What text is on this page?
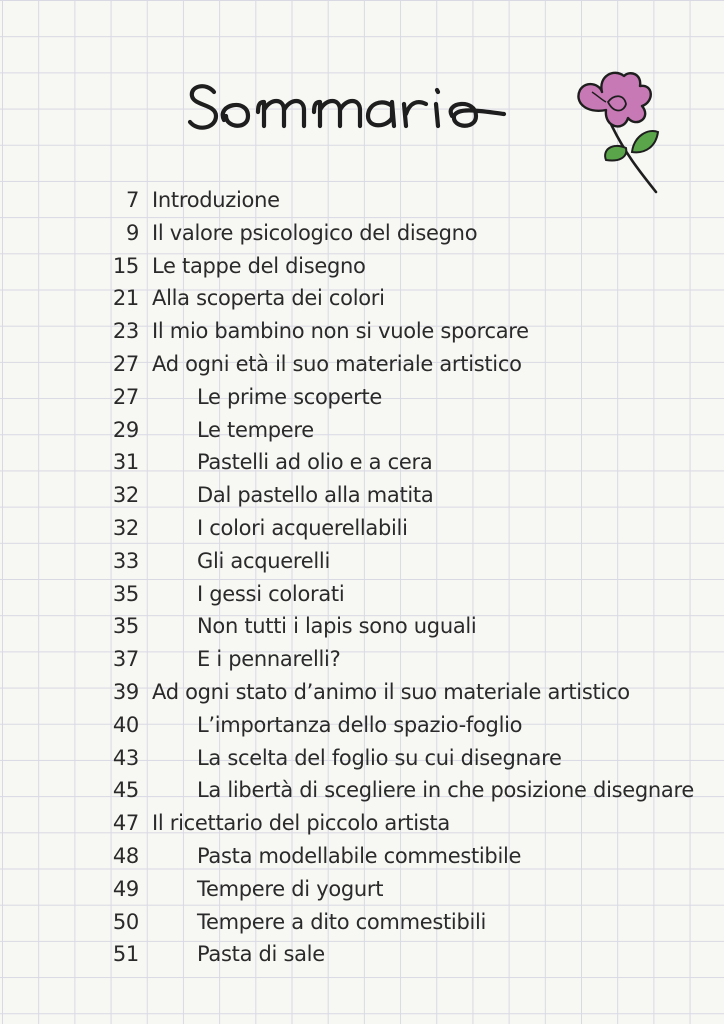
7 Introduzione
9 Il valore psicologico del disegno
15 Le tappe del disegno
21 Alla scoperta dei colori
23 Il mio bambino non si vuole sporcare
27 Ad ogni età il suo materiale artistico
27	Le prime scoperte
29	Le tempere
31	Pastelli ad olio e a cera
32	Dal pastello alla matita
32	I colori acquerellabili
33	Gli acquerelli
35	I gessi colorati
35	Non tutti i lapis sono uguali
37	E i pennarelli?
39 Ad ogni stato d’animo il suo materiale artistico
40	L’importanza dello spazio-foglio
43	La scelta del foglio su cui disegnare
45	La libertà di scegliere in che posizione disegnare
47 Il ricettario del piccolo artista
48	Pasta modellabile commestibile
49	Tempere di yogurt
50	Tempere a dito commestibili
51	Pasta di sale
